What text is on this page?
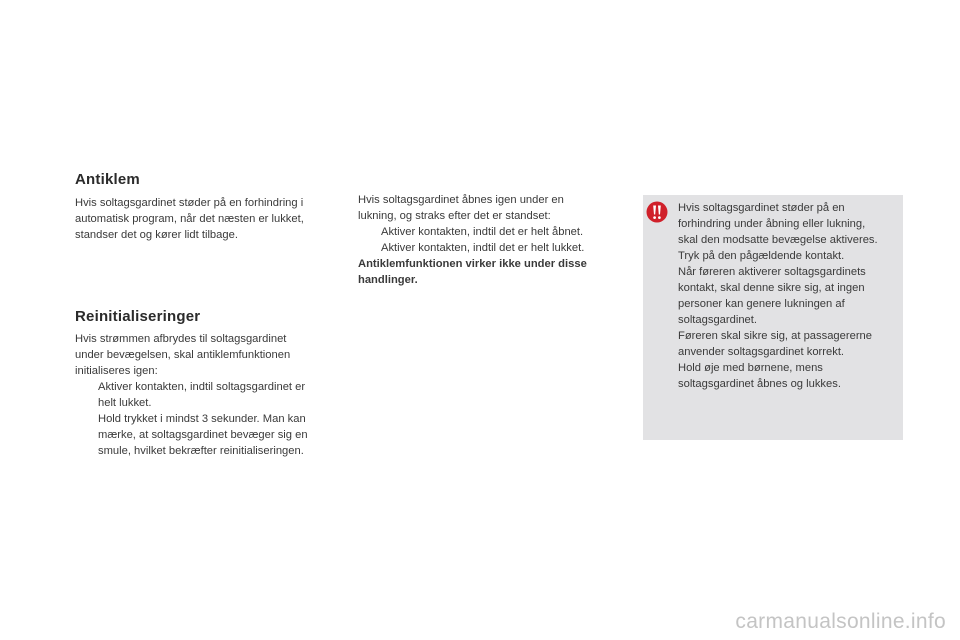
Antiklem

Hvis soltagsgardinet støder på en forhindring i
automatisk program, når det næsten er lukket,
standser det og kører lidt tilbage.

Reinitialiseringer
Hvis strømmen afbrydes til soltagsgardinet
under bevægelsen, skal antiklemfunktionen
initialiseres igen:
Aktiver kontakten, indtil soltagsgardinet er
helt lukket.
Hold trykket i mindst 3 sekunder. Man kan
mærke, at soltagsgardinet bevæger sig en
smule, hvilket bekræfter reinitialiseringen.
Hvis soltagsgardinet åbnes igen under en
lukning, og straks efter det er standset:
Aktiver kontakten, indtil det er helt åbnet.
Aktiver kontakten, indtil det er helt lukket.
Antiklemfunktionen virker ikke under disse
handlinger.

Hvis soltagsgardinet støder på en
forhindring under åbning eller lukning,
skal den modsatte bevægelse aktiveres.
Tryk på den pågældende kontakt.
Når føreren aktiverer soltagsgardinets
kontakt, skal denne sikre sig, at ingen
personer kan genere lukningen af
soltagsgardinet.
Føreren skal sikre sig, at passagererne
anvender soltagsgardinet korrekt.
Hold øje med børnene, mens
soltagsgardinet åbnes og lukkes.

carmanualsonline.info
